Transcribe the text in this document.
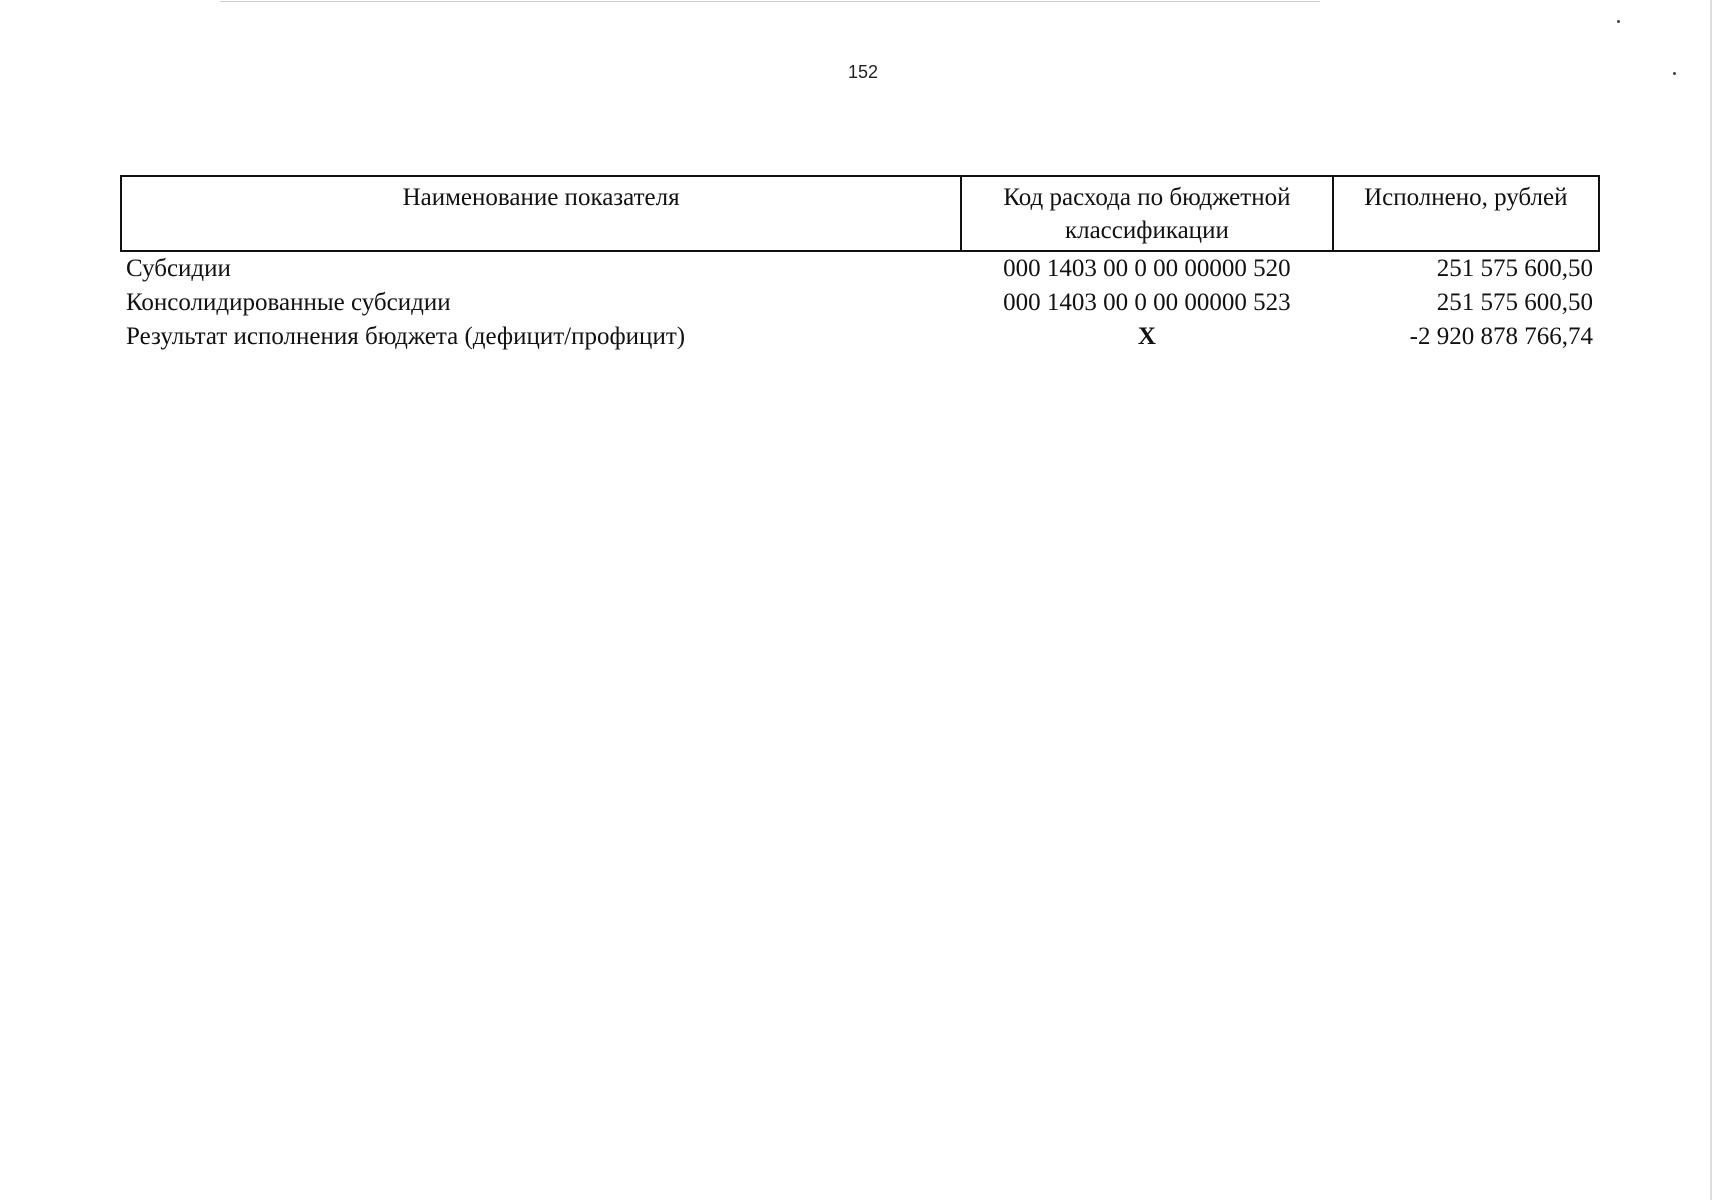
152
Наименование показателя	Код расхода по бюджетной классификации	Исполнено, рублей
Субсидии	000 1403 00 0 00 00000 520	251 575 600,50
Консолидированные субсидии	000 1403 00 0 00 00000 523	251 575 600,50
Результат исполнения бюджета (дефицит/профицит)	X	-2 920 878 766,74
